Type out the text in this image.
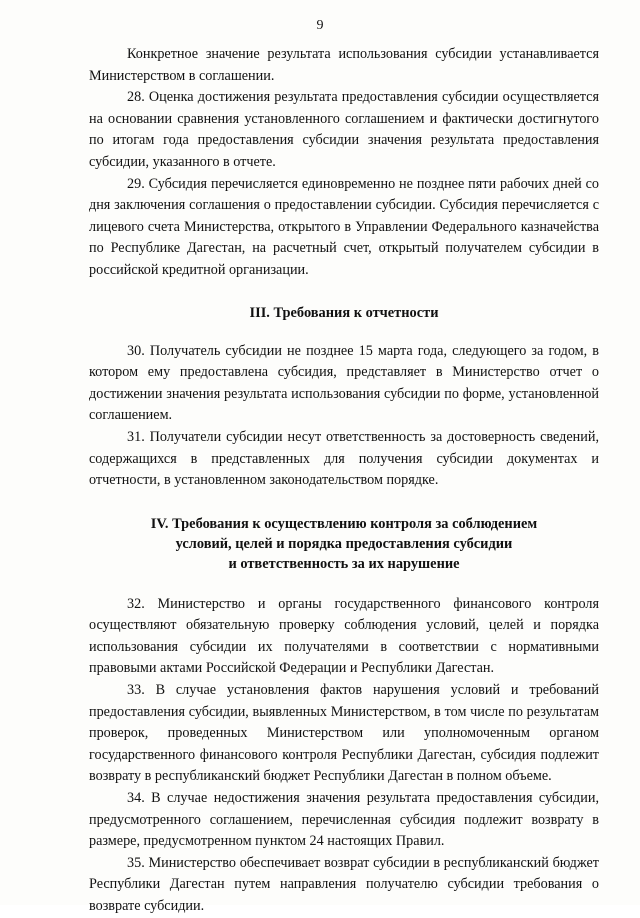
9

Конкретное значение результата использования субсидии устанавливается Министерством в соглашении.

28. Оценка достижения результата предоставления субсидии осуществляется на основании сравнения установленного соглашением и фактически достигнутого по итогам года предоставления субсидии значения результата предоставления субсидии, указанного в отчете.

29. Субсидия перечисляется единовременно не позднее пяти рабочих дней со дня заключения соглашения о предоставлении субсидии. Субсидия перечисляется с лицевого счета Министерства, открытого в Управлении Федерального казначейства по Республике Дагестан, на расчетный счет, открытый получателем субсидии в российской кредитной организации.

III. Требования к отчетности

30. Получатель субсидии не позднее 15 марта года, следующего за годом, в котором ему предоставлена субсидия, представляет в Министерство отчет о достижении значения результата использования субсидии по форме, установленной соглашением.

31. Получатели субсидии несут ответственность за достоверность сведений, содержащихся в представленных для получения субсидии документах и отчетности, в установленном законодательством порядке.

IV. Требования к осуществлению контроля за соблюдением
условий, целей и порядка предоставления субсидии
и ответственность за их нарушение

32. Министерство и органы государственного финансового контроля осуществляют обязательную проверку соблюдения условий, целей и порядка использования субсидии их получателями в соответствии с нормативными правовыми актами Российской Федерации и Республики Дагестан.

33. В случае установления фактов нарушения условий и требований предоставления субсидии, выявленных Министерством, в том числе по результатам проверок, проведенных Министерством или уполномоченным органом государственного финансового контроля Республики Дагестан, субсидия подлежит возврату в республиканский бюджет Республики Дагестан в полном объеме.

34. В случае недостижения значения результата предоставления субсидии, предусмотренного соглашением, перечисленная субсидия подлежит возврату в размере, предусмотренном пунктом 24 настоящих Правил.

35. Министерство обеспечивает возврат субсидии в республиканский бюджет Республики Дагестан путем направления получателю субсидии требования о возврате субсидии.
